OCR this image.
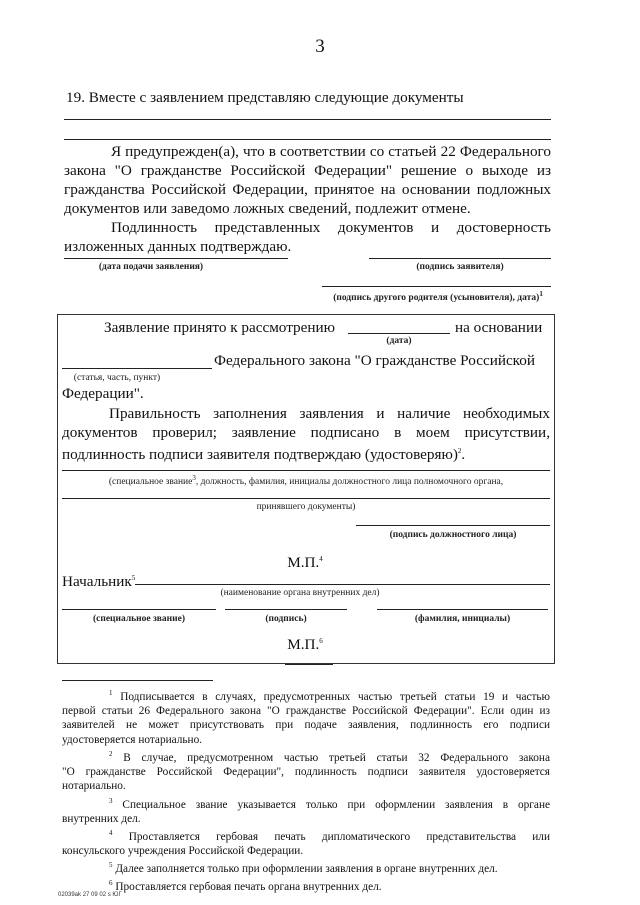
3
19. Вместе с заявлением представляю следующие документы
Я предупрежден(а), что в соответствии со статьей 22 Федерального
закона "О гражданстве Российской Федерации" решение о выходе из
гражданства Российской Федерации, принятое на основании подложных
документов или заведомо ложных сведений, подлежит отмене.
Подлинность представленных документов и достоверность
изложенных данных подтверждаю.
(дата подачи заявления)	(подпись заявителя)
(подпись другого родителя (усыновителя), дата)$^1$
Заявление принято к рассмотрению	на основании
(дата)
Федерального закона "О гражданстве Российской
(статья, часть, пункт)
Федерации".
Правильность заполнения заявления и наличие необходимых
документов проверил; заявление подписано в моем присутствии,
подлинность подписи заявителя подтверждаю (удостоверяю)$^2$.
(специальное звание$^3$, должность, фамилия, инициалы должностного лица полномочного органа,
принявшего документы)
(подпись должностного лица)
М.П.$^4$
Начальник$^5$
(наименование органа внутренних дел)
(специальное звание)	(подпись)	(фамилия, инициалы)
М.П.$^6$
$^1$ Подписывается в случаях, предусмотренных частью третьей статьи 19 и частью
первой статьи 26 Федерального закона "О гражданстве Российской Федерации". Если один из
заявителей не может присутствовать при подаче заявления, подлинность его подписи
удостоверяется нотариально.
$^2$ В случае, предусмотренном частью третьей статьи 32 Федерального закона
"О гражданстве Российской Федерации", подлинность подписи заявителя удостоверяется
нотариально.
$^3$ Специальное звание указывается только при оформлении заявления в органе
внутренних дел.
$^4$ Проставляется гербовая печать дипломатического представительства или
консульского учреждения Российской Федерации.
$^5$ Далее заполняется только при оформлении заявления в органе внутренних дел.
$^6$ Проставляется гербовая печать органа внутренних дел.
02039ak 27 09 02 s ЮГ
